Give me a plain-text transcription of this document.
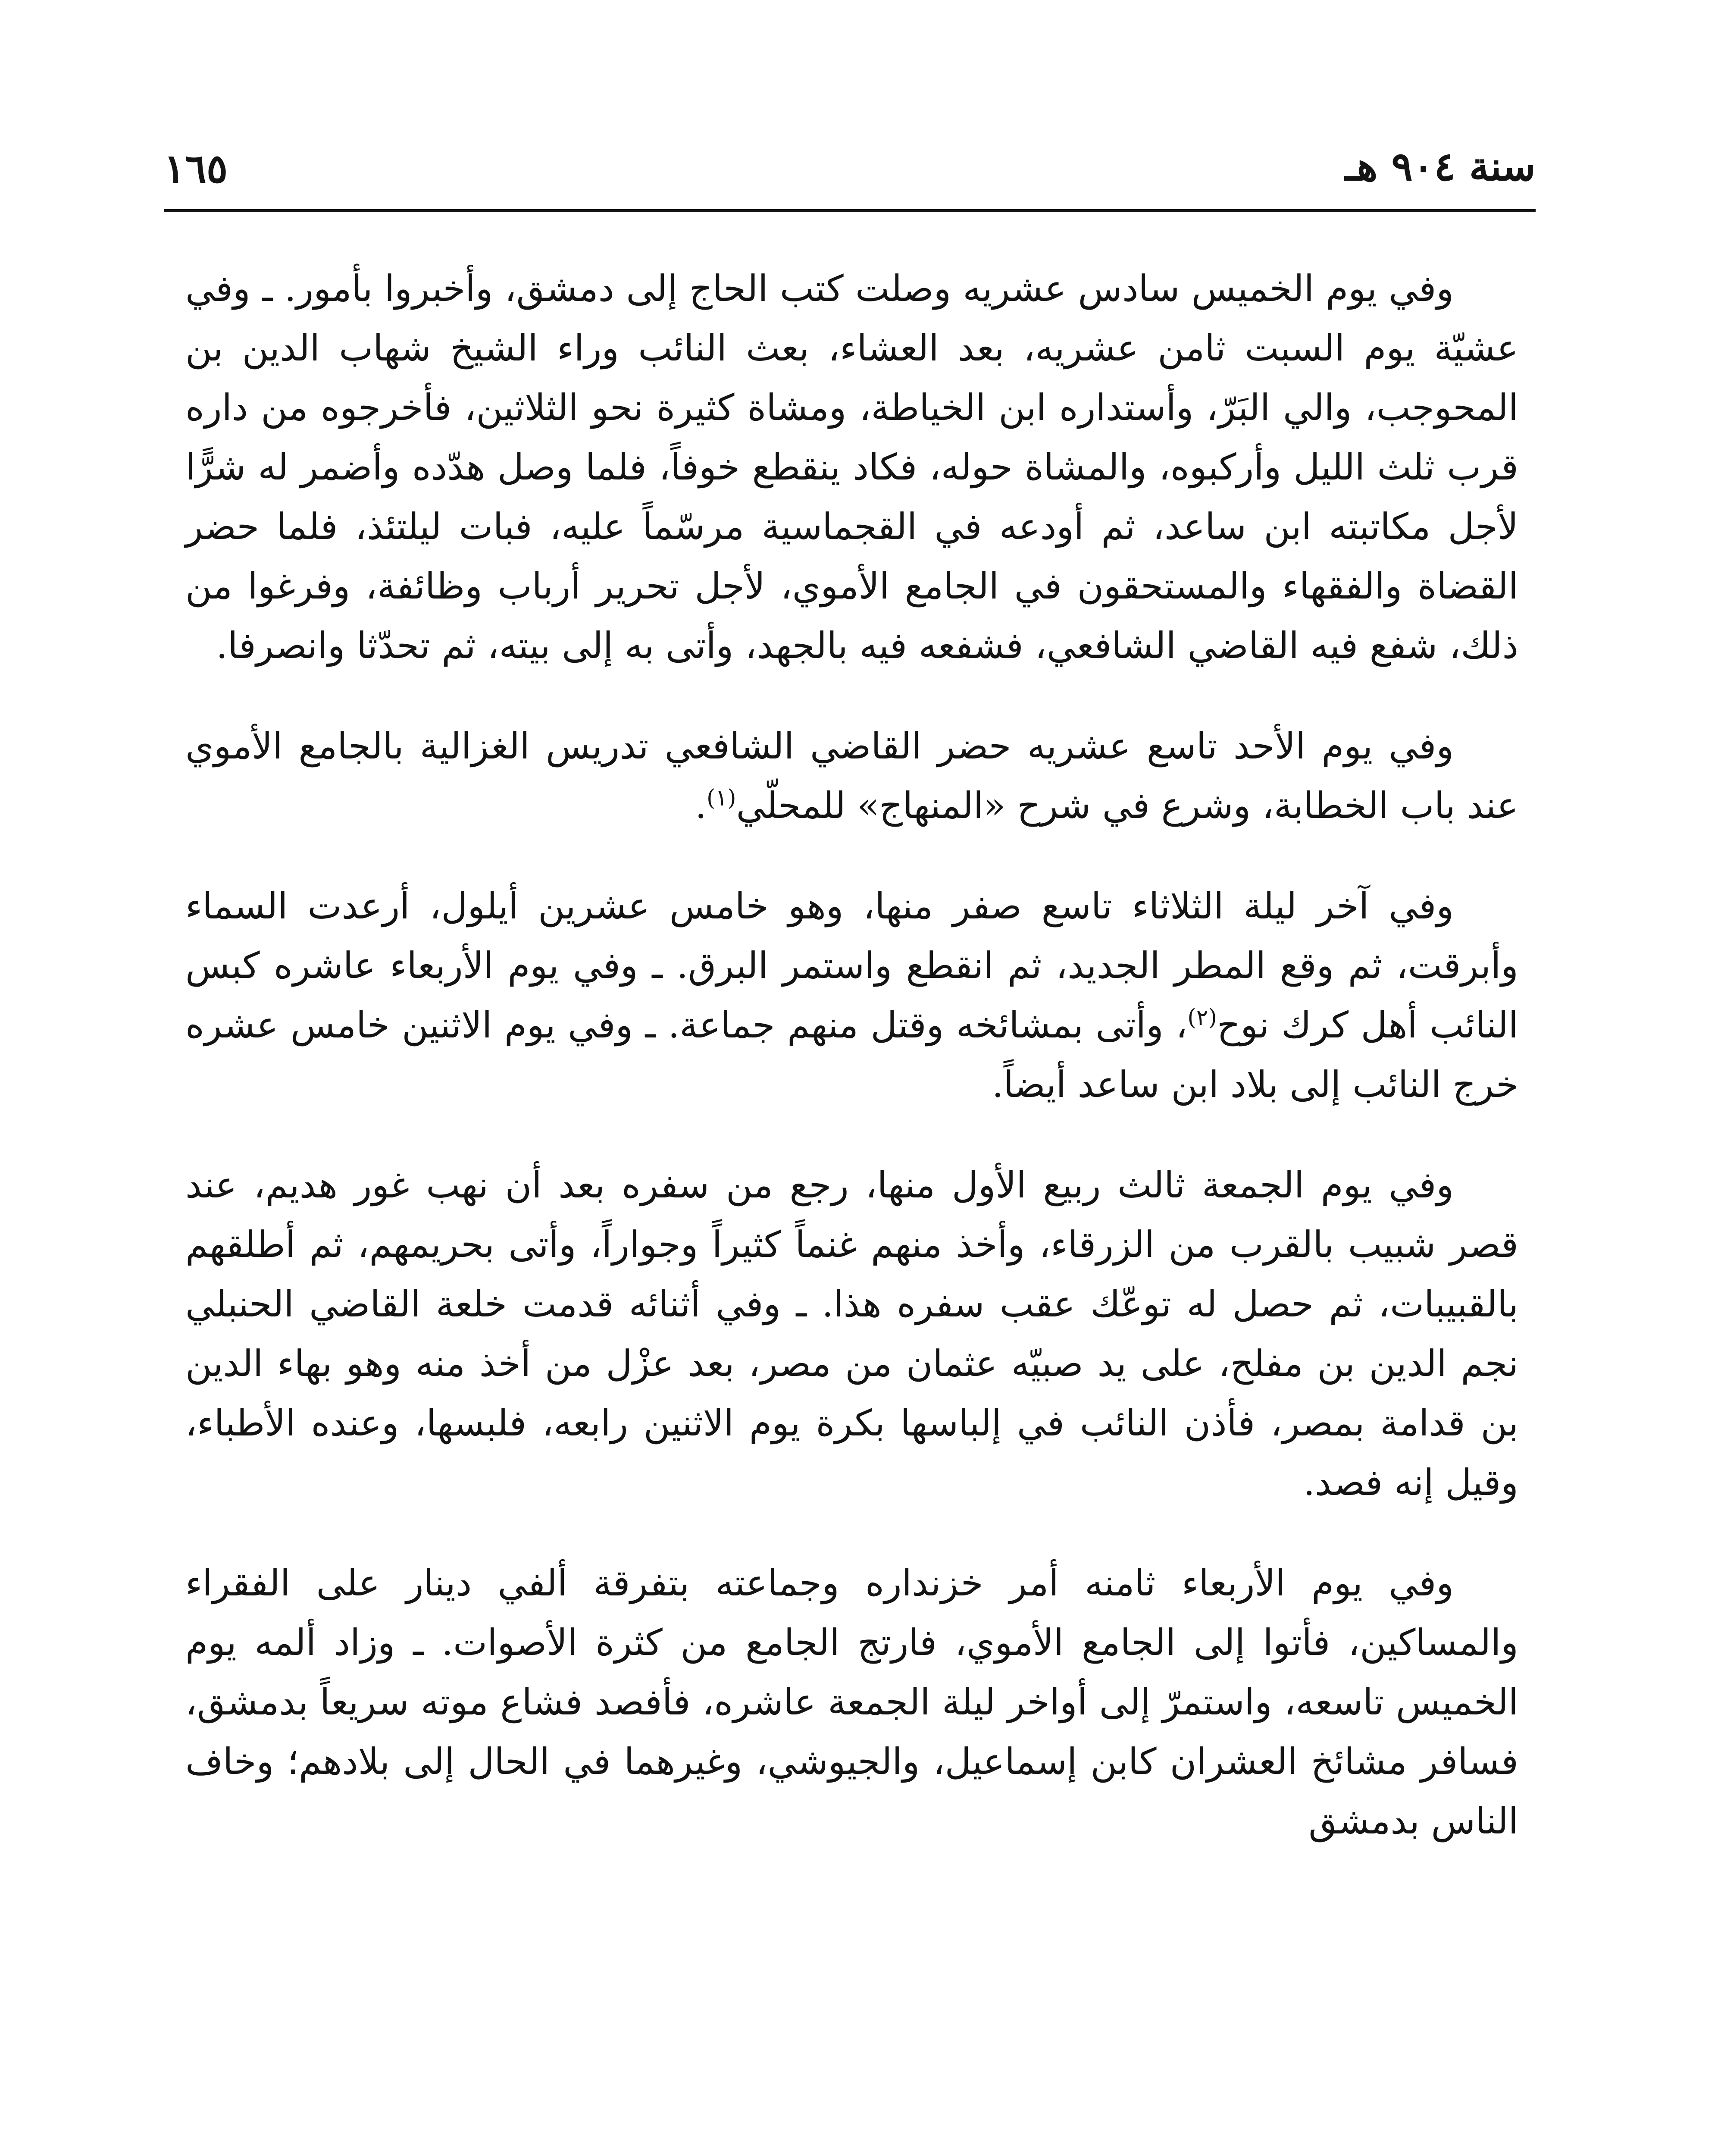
سنة ٩٠٤ هـ
١٦٥

وفي يوم الخميس سادس عشريه وصلت كتب الحاج إلى دمشق، وأخبروا بأمور. ـ وفي عشيّة يوم السبت ثامن عشريه، بعد العشاء، بعث النائب وراء الشيخ شهاب الدين بن المحوجب، والي البَرّ، وأستداره ابن الخياطة، ومشاة كثيرة نحو الثلاثين، فأخرجوه من داره قرب ثلث الليل وأركبوه، والمشاة حوله، فكاد ينقطع خوفاً، فلما وصل هدّده وأضمر له شرًّا لأجل مكاتبته ابن ساعد، ثم أودعه في القجماسية مرسّماً عليه، فبات ليلتئذ، فلما حضر القضاة والفقهاء والمستحقون في الجامع الأموي، لأجل تحرير أرباب وظائفة، وفرغوا من ذلك، شفع فيه القاضي الشافعي، فشفعه فيه بالجهد، وأتى به إلى بيته، ثم تحدّثا وانصرفا.

وفي يوم الأحد تاسع عشريه حضر القاضي الشافعي تدريس الغزالية بالجامع الأموي عند باب الخطابة، وشرع في شرح «المنهاج» للمحلّي$^{(١)}$.

وفي آخر ليلة الثلاثاء تاسع صفر منها، وهو خامس عشرين أيلول، أرعدت السماء وأبرقت، ثم وقع المطر الجديد، ثم انقطع واستمر البرق. ـ وفي يوم الأربعاء عاشره كبس النائب أهل كرك نوح$^{(٢)}$، وأتى بمشائخه وقتل منهم جماعة. ـ وفي يوم الاثنين خامس عشره خرج النائب إلى بلاد ابن ساعد أيضاً.

وفي يوم الجمعة ثالث ربيع الأول منها، رجع من سفره بعد أن نهب غور هديم، عند قصر شبيب بالقرب من الزرقاء، وأخذ منهم غنماً كثيراً وجواراً، وأتى بحريمهم، ثم أطلقهم بالقبيبات، ثم حصل له توعّك عقب سفره هذا. ـ وفي أثنائه قدمت خلعة القاضي الحنبلي نجم الدين بن مفلح، على يد صبيّه عثمان من مصر، بعد عزْل من أخذ منه وهو بهاء الدين بن قدامة بمصر، فأذن النائب في إلباسها بكرة يوم الاثنين رابعه، فلبسها، وعنده الأطباء، وقيل إنه فصد.

وفي يوم الأربعاء ثامنه أمر خزنداره وجماعته بتفرقة ألفي دينار على الفقراء والمساكين، فأتوا إلى الجامع الأموي، فارتج الجامع من كثرة الأصوات. ـ وزاد ألمه يوم الخميس تاسعه، واستمرّ إلى أواخر ليلة الجمعة عاشره، فأفصد فشاع موته سريعاً بدمشق، فسافر مشائخ العشران كابن إسماعيل، والجيوشي، وغيرهما في الحال إلى بلادهم؛ وخاف الناس بدمشق
